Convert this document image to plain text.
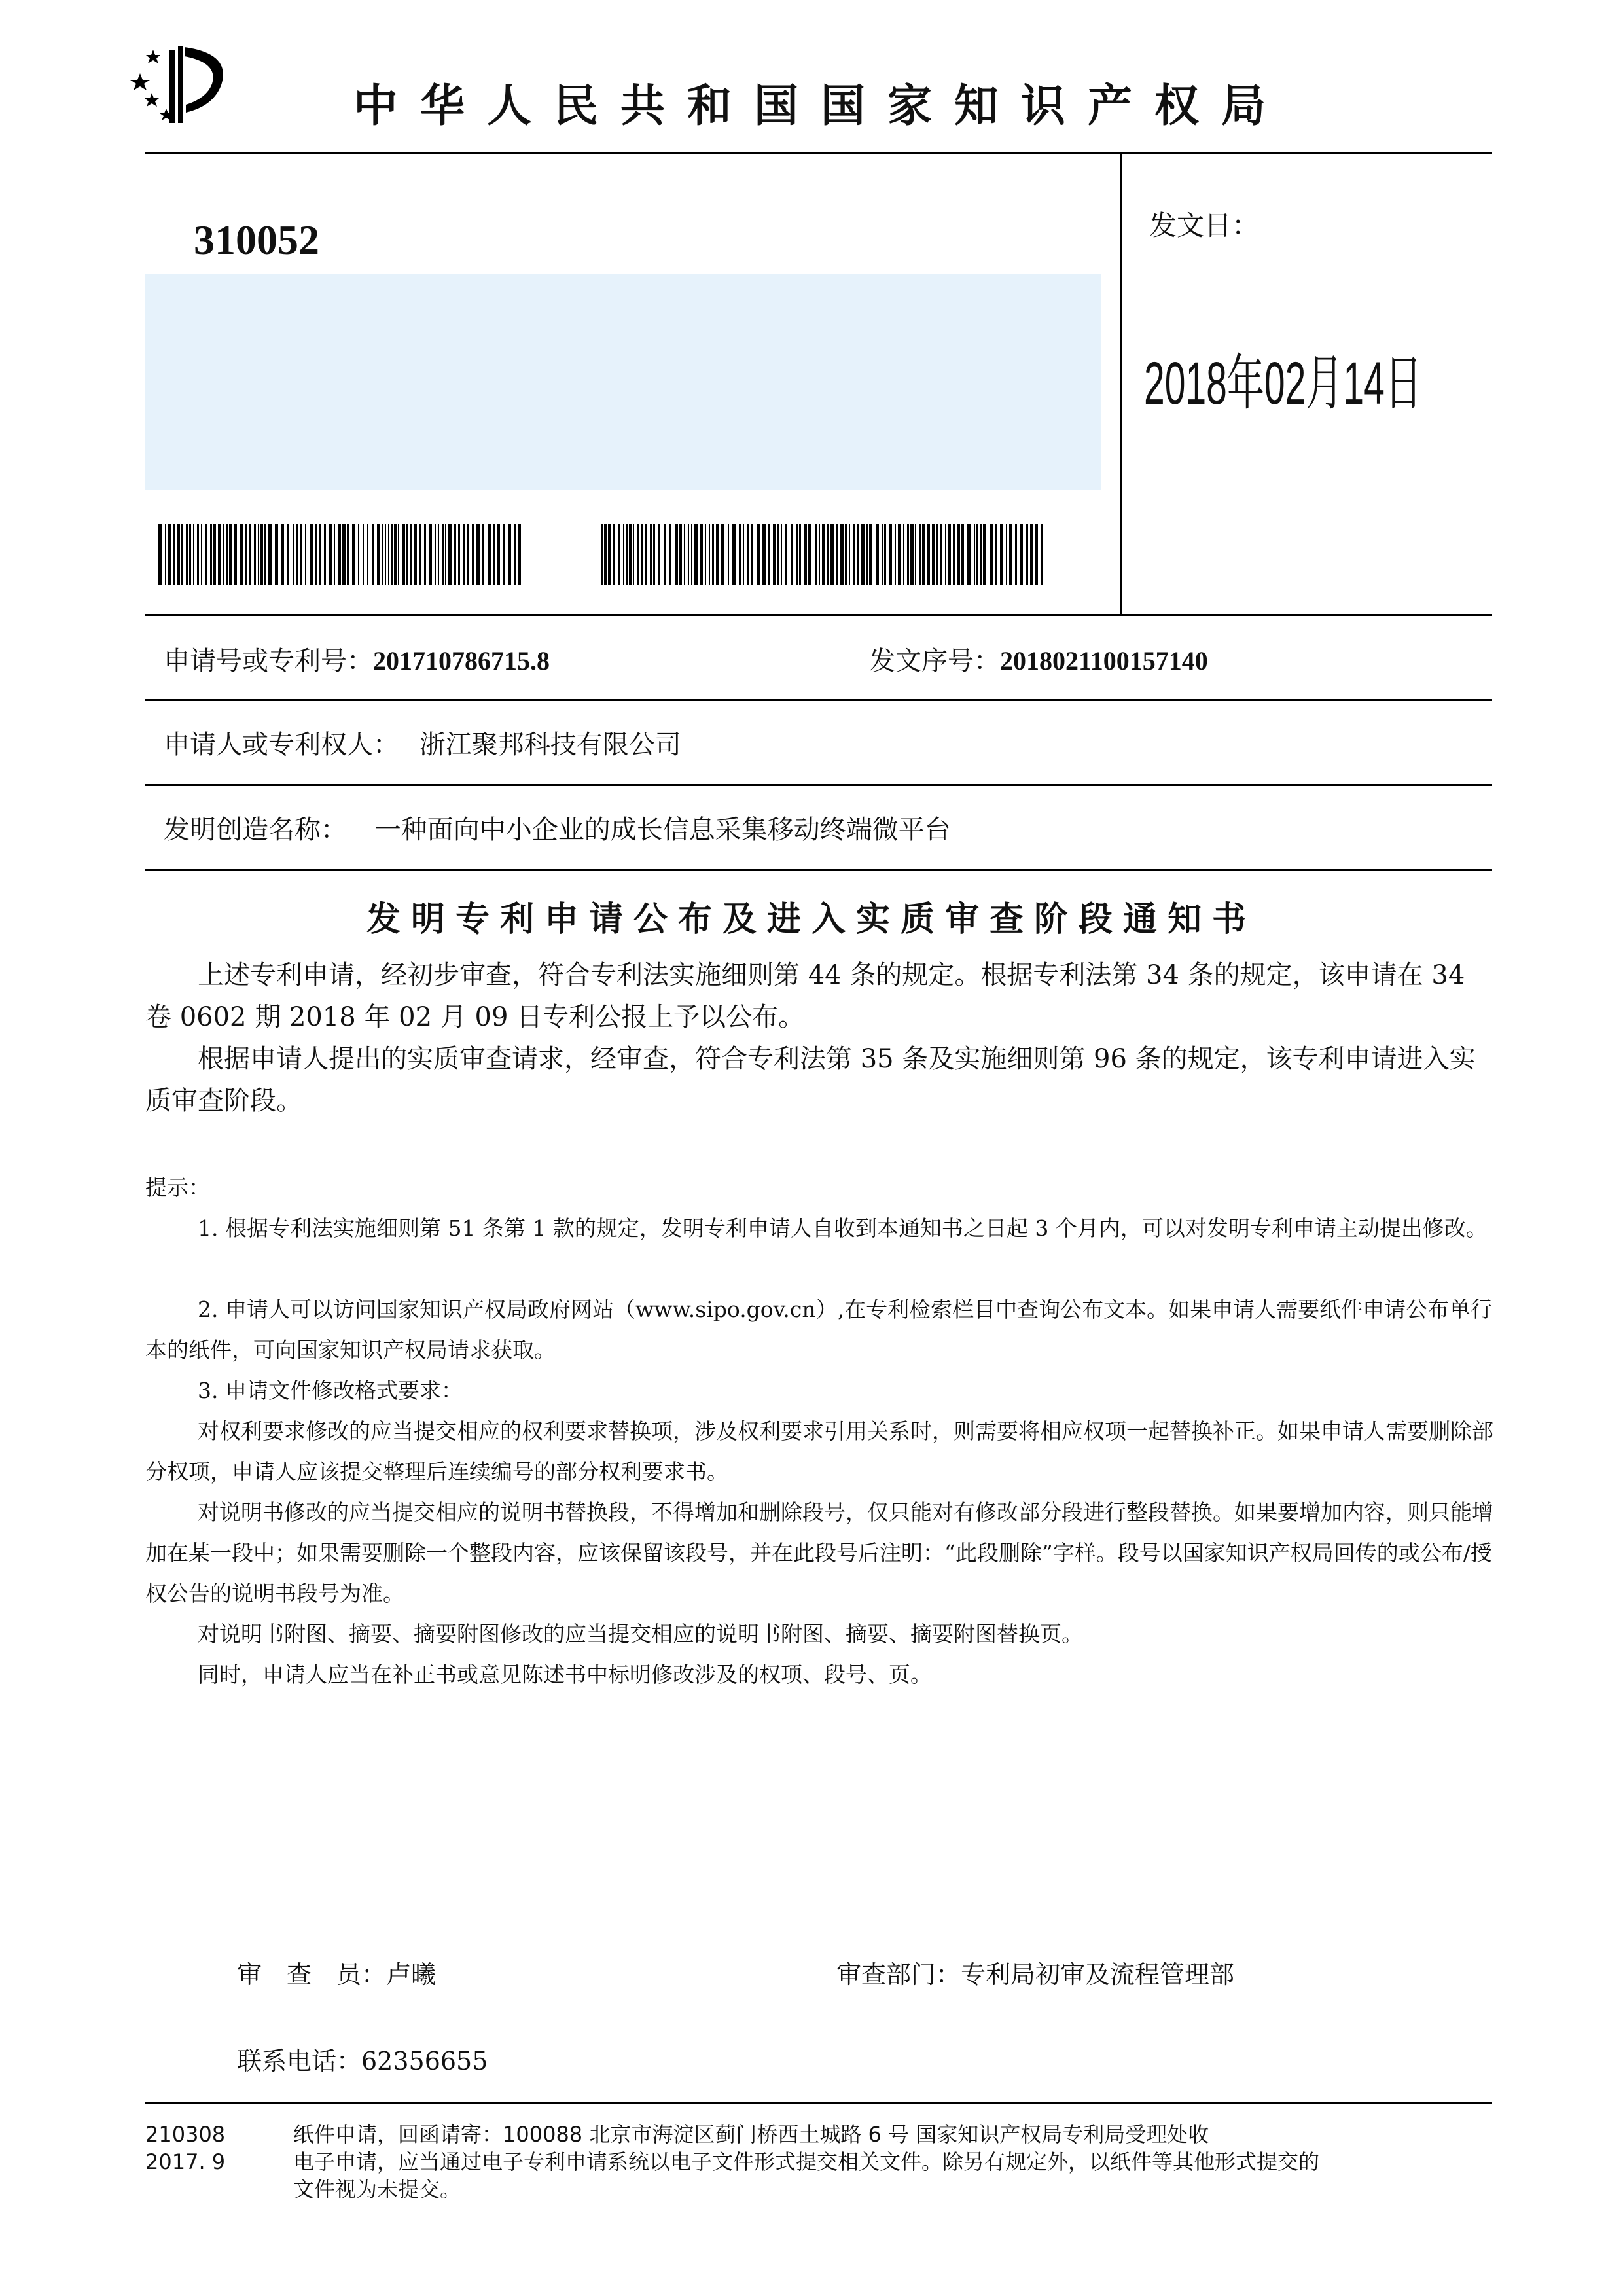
中华人民共和国国家知识产权局
310052	发文日：
2018年02月14日
申请号或专利号：201710786715.8	发文序号：2018021100157140
申请人或专利权人： 浙江聚邦科技有限公司
发明创造名称： 一种面向中小企业的成长信息采集移动终端微平台
发明专利申请公布及进入实质审查阶段通知书
上述专利申请，经初步审查，符合专利法实施细则第 44 条的规定。根据专利法第 34 条的规定，该申请在 34 卷 0602 期 2018 年 02 月 09 日专利公报上予以公布。
根据申请人提出的实质审查请求，经审查，符合专利法第 35 条及实施细则第 96 条的规定，该专利申请进入实质审查阶段。
提示：
1. 根据专利法实施细则第 51 条第 1 款的规定，发明专利申请人自收到本通知书之日起 3 个月内，可以对发明专利申请主动提出修改。
2. 申请人可以访问国家知识产权局政府网站（www.sipo.gov.cn）,在专利检索栏目中查询公布文本。如果申请人需要纸件申请公布单行本的纸件，可向国家知识产权局请求获取。
3. 申请文件修改格式要求：
对权利要求修改的应当提交相应的权利要求替换项，涉及权利要求引用关系时，则需要将相应权项一起替换补正。如果申请人需要删除部分权项，申请人应该提交整理后连续编号的部分权利要求书。
对说明书修改的应当提交相应的说明书替换段，不得增加和删除段号，仅只能对有修改部分段进行整段替换。如果要增加内容，则只能增加在某一段中；如果需要删除一个整段内容，应该保留该段号，并在此段号后注明：“此段删除”字样。段号以国家知识产权局回传的或公布/授权公告的说明书段号为准。
对说明书附图、摘要、摘要附图修改的应当提交相应的说明书附图、摘要、摘要附图替换页。
同时，申请人应当在补正书或意见陈述书中标明修改涉及的权项、段号、页。
审　查　员：卢曦	审查部门：专利局初审及流程管理部
联系电话：62356655
210308
2017. 9
纸件申请，回函请寄：100088 北京市海淀区蓟门桥西土城路 6 号 国家知识产权局专利局受理处收
电子申请，应当通过电子专利申请系统以电子文件形式提交相关文件。除另有规定外，以纸件等其他形式提交的
文件视为未提交。
